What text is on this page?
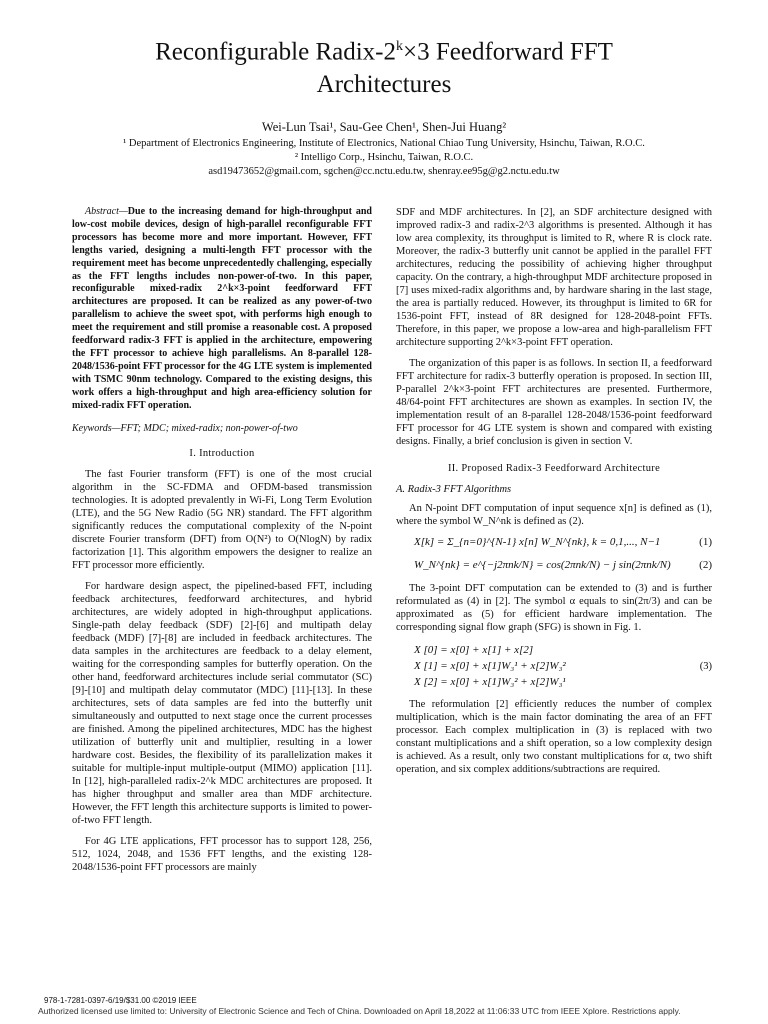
Reconfigurable Radix-$2^k\times 3$ Feedforward FFT
Architectures
Wei-Lun Tsai¹, Sau-Gee Chen¹, Shen-Jui Huang²
¹ Department of Electronics Engineering, Institute of Electronics, National Chiao Tung University, Hsinchu, Taiwan, R.O.C.
² Intelligo Corp., Hsinchu, Taiwan, R.O.C.
asd19473652@gmail.com, sgchen@cc.nctu.edu.tw, shenray.ee95g@g2.nctu.edu.tw

Abstract—Due to the increasing demand for high-throughput and low-cost mobile devices, design of high-parallel reconfigurable FFT processors has become more and more important. However, FFT lengths varied, designing a multi-length FFT processor with the requirement meet has become unprecedentedly challenging, especially as the FFT lengths includes non-power-of-two. In this paper, reconfigurable mixed-radix 2^k×3-point feedforward FFT architectures are proposed. It can be realized as any power-of-two parallelism to achieve the sweet spot, with performs high enough to meet the requirement and still promise a reasonable cost. A proposed feedforward radix-3 FFT is applied in the architecture, empowering the FFT processor to achieve high parallelisms. An 8-parallel 128-2048/1536-point FFT processor for the 4G LTE system is implemented with TSMC 90nm technology. Compared to the existing designs, this work offers a high-throughput and high area-efficiency solution for mixed-radix FFT operation.

Keywords—FFT; MDC; mixed-radix; non-power-of-two
I. Introduction

The fast Fourier transform (FFT) is one of the most crucial algorithm in the SC-FDMA and OFDM-based transmission technologies. It is adopted prevalently in Wi-Fi, Long Term Evolution (LTE), and the 5G New Radio (5G NR) standard. The FFT algorithm significantly reduces the computational complexity of the N-point discrete Fourier transform (DFT) from O(N²) to O(NlogN) by radix factorization [1]. This algorithm empowers the designer to realize an FFT processor more efficiently.

For hardware design aspect, the pipelined-based FFT, including feedback architectures, feedforward architectures, and hybrid architectures, are widely adopted in high-throughput applications. Single-path delay feedback (SDF) [2]-[6] and multipath delay feedback (MDF) [7]-[8] are included in feedback architectures. The data samples in the architectures are feedback to a delay element, waiting for the corresponding samples for butterfly operation. On the other hand, feedforward architectures include serial commutator (SC) [9]-[10] and multipath delay commutator (MDC) [11]-[13]. In these architectures, sets of data samples are fed into the butterfly unit simultaneously and outputted to next stage once the current processes are finished. Among the pipelined architectures, MDC has the highest utilization of butterfly unit and multiplier, resulting in a lower hardware cost. Besides, the flexibility of its parallelization makes it suitable for multiple-input multiple-output (MIMO) application [11]. In [12], high-paralleled radix-2^k MDC architectures are proposed. It has higher throughput and smaller area than MDF architecture. However, the FFT length this architecture supports is limited to power-of-two FFT length.

For 4G LTE applications, FFT processor has to support 128, 256, 512, 1024, 2048, and 1536 FFT lengths, and the existing 128-2048/1536-point FFT processors are mainly

SDF and MDF architectures. In [2], an SDF architecture designed with improved radix-3 and radix-2^3 algorithms is presented. Although it has low area complexity, its throughput is limited to R, where R is clock rate. Moreover, the radix-3 butterfly unit cannot be applied in the parallel FFT architectures, reducing the possibility of achieving higher throughput capacity. On the contrary, a high-throughput MDF architecture proposed in [7] uses mixed-radix algorithms and, by hardware sharing in the last stage, the area is partially reduced. However, its throughput is limited to 6R for 1536-point FFT, instead of 8R designed for 128-2048-point FFTs. Therefore, in this paper, we propose a low-area and high-parallelism FFT architecture supporting 2^k×3-point FFT operation.

The organization of this paper is as follows. In section II, a feedforward FFT architecture for radix-3 butterfly operation is proposed. In section III, P-parallel 2^k×3-point FFT architectures are presented. Furthermore, 48/64-point FFT architectures are shown as examples. In section IV, the implementation result of an 8-parallel 128-2048/1536-point feedforward FFT processor for 4G LTE system is shown and compared with existing designs. Finally, a brief conclusion is given in section V.

II. Proposed Radix-3 Feedforward Architecture
A. Radix-3 FFT Algorithms

An N-point DFT computation of input sequence x[n] is defined as (1), where the symbol W_N^nk is defined as (2).

X[k] = Σ_{n=0}^{N-1} x[n] W_N^{nk}, k = 0,1,..., N−1	(1)
W_N^{nk} = e^{−j2πnk/N} = cos(2πnk/N) − j sin(2πnk/N)	(2)

The 3-point DFT computation can be extended to (3) and is further reformulated as (4) in [2]. The symbol α equals to sin(2π/3) and can be approximated as (5) for efficient hardware implementation. The corresponding signal flow graph (SFG) is shown in Fig. 1.

X [0] = x[0] + x[1] + x[2]
X [1] = x[0] + x[1]W₃¹ + x[2]W₃²
X [2] = x[0] + x[1]W₃² + x[2]W₃¹
(3)

The reformulation [2] efficiently reduces the number of complex multiplication, which is the main factor dominating the area of an FFT processor. Each complex multiplication in (3) is replaced with two constant multiplications and a shift operation, so a low complexity design is achieved. As a result, only two constant multiplications for α, two shift operation, and six complex additions/subtractions are required.

978-1-7281-0397-6/19/$31.00 ©2019 IEEE
Authorized licensed use limited to: University of Electronic Science and Tech of China. Downloaded on April 18,2022 at 11:06:33 UTC from IEEE Xplore. Restrictions apply.
